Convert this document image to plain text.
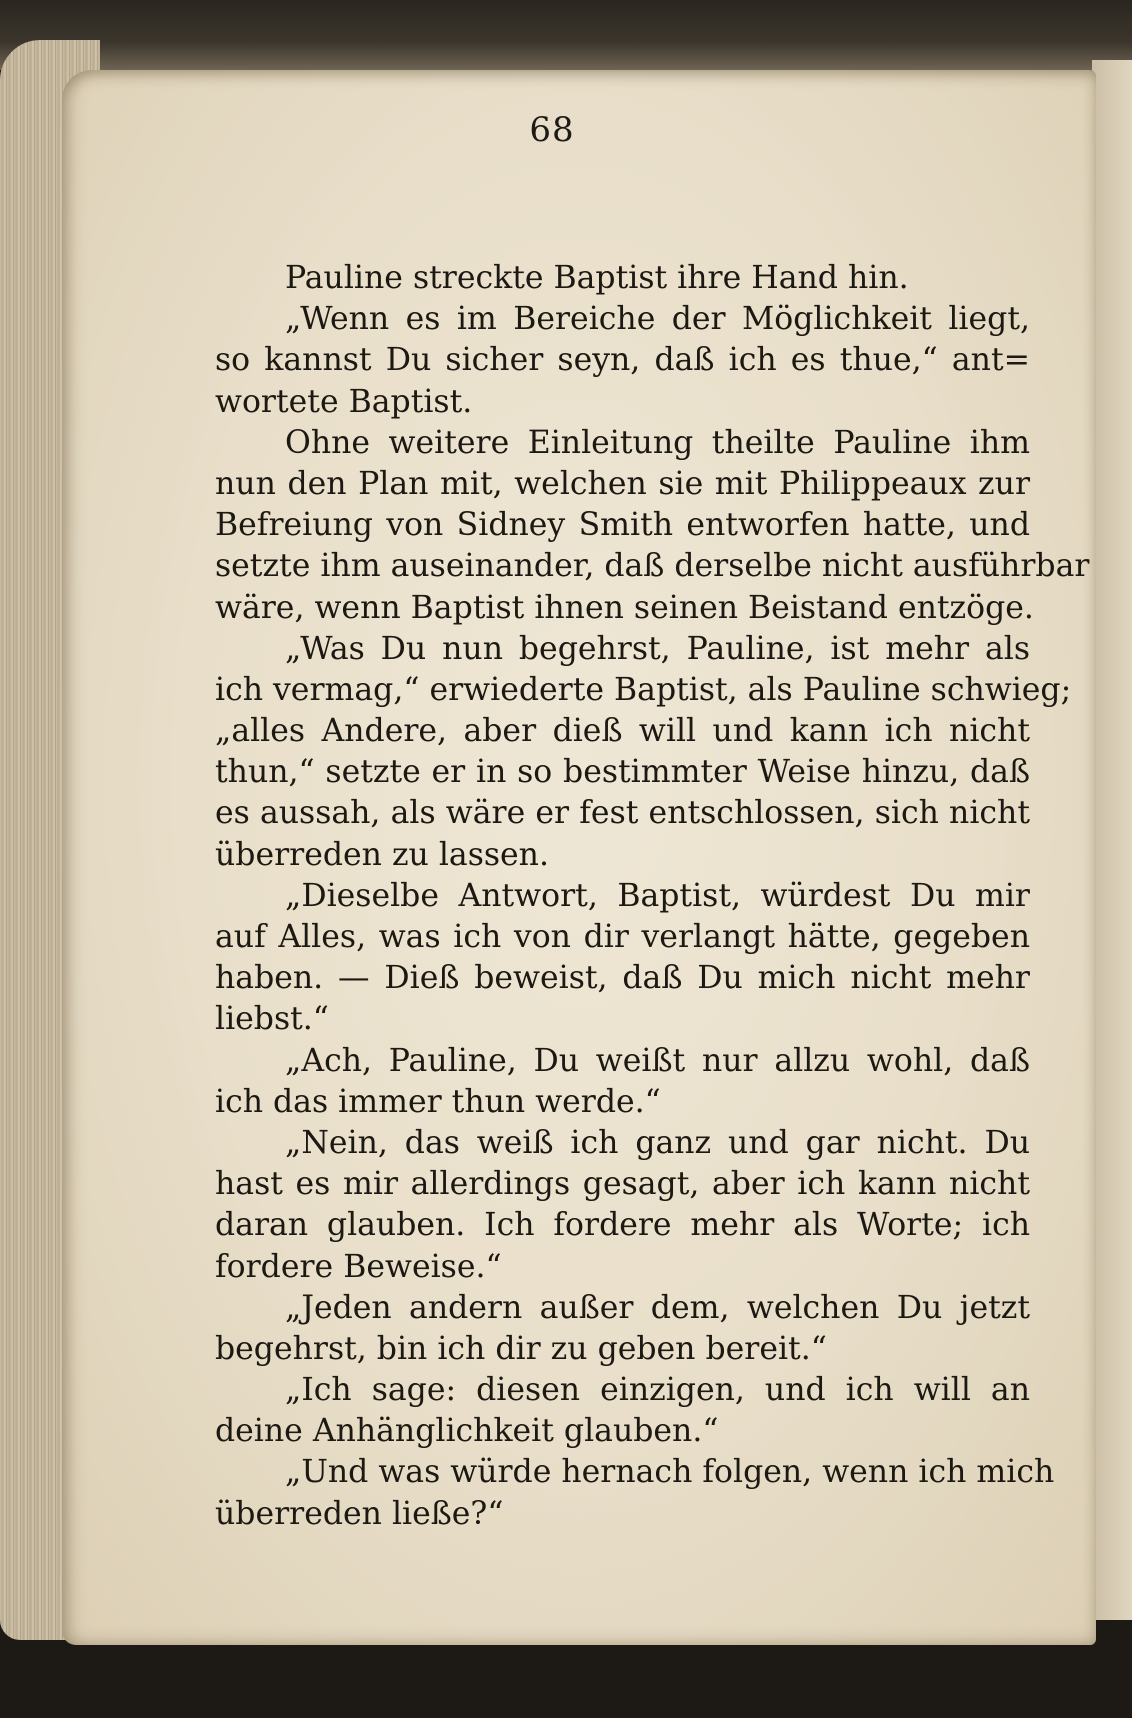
68
Pauline streckte Baptist ihre Hand hin.
„Wenn es im Bereiche der Möglichkeit liegt,
so kannst Du sicher seyn, daß ich es thue,“ ant=
wortete Baptist.
Ohne weitere Einleitung theilte Pauline ihm
nun den Plan mit, welchen sie mit Philippeaux zur
Befreiung von Sidney Smith entworfen hatte, und
setzte ihm auseinander, daß derselbe nicht ausführbar
wäre, wenn Baptist ihnen seinen Beistand entzöge.
„Was Du nun begehrst, Pauline, ist mehr als
ich vermag,“ erwiederte Baptist, als Pauline schwieg;
„alles Andere, aber dieß will und kann ich nicht
thun,“ setzte er in so bestimmter Weise hinzu, daß
es aussah, als wäre er fest entschlossen, sich nicht
überreden zu lassen.
„Dieselbe Antwort, Baptist, würdest Du mir
auf Alles, was ich von dir verlangt hätte, gegeben
haben. — Dieß beweist, daß Du mich nicht mehr
liebst.“
„Ach, Pauline, Du weißt nur allzu wohl, daß
ich das immer thun werde.“
„Nein, das weiß ich ganz und gar nicht. Du
hast es mir allerdings gesagt, aber ich kann nicht
daran glauben. Ich fordere mehr als Worte; ich
fordere Beweise.“
„Jeden andern außer dem, welchen Du jetzt
begehrst, bin ich dir zu geben bereit.“
„Ich sage: diesen einzigen, und ich will an
deine Anhänglichkeit glauben.“
„Und was würde hernach folgen, wenn ich mich
überreden ließe?“
